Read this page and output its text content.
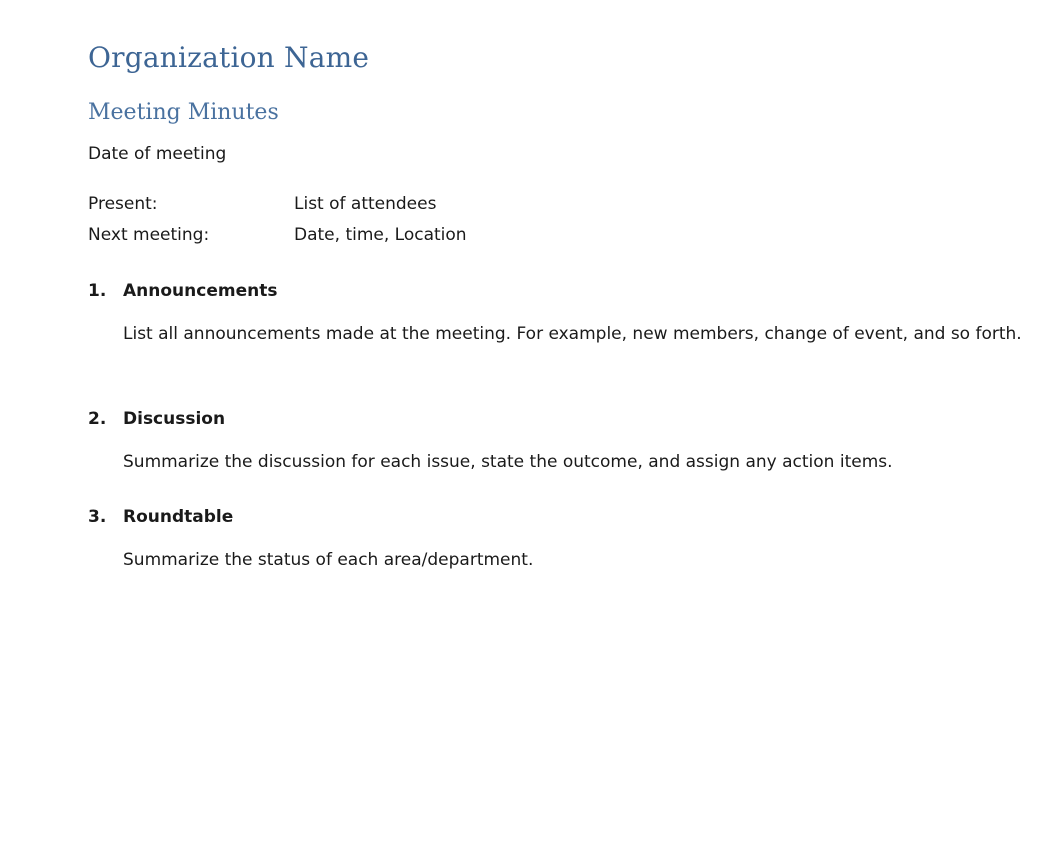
Organization Name
Meeting Minutes

Date of meeting

Present:	List of attendees
Next meeting:	Date, time, Location
1. Announcements

List all announcements made at the meeting. For example, new members, change of event, and so forth.

2. Discussion

Summarize the discussion for each issue, state the outcome, and assign any action items.

3. Roundtable

Summarize the status of each area/department.
